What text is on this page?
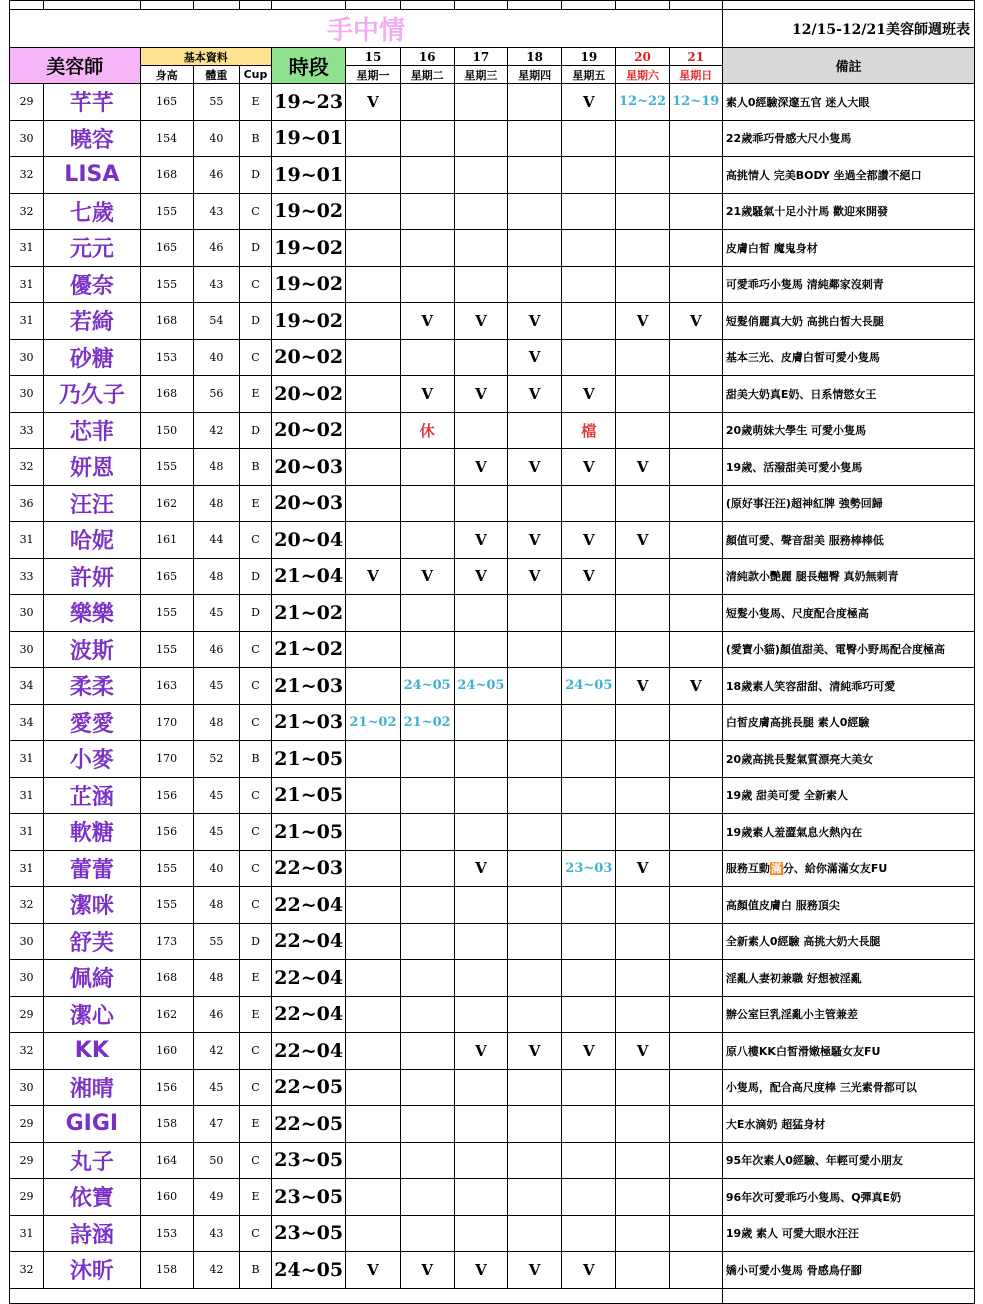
手中情													12/15-12/21美容師週班表
美容師		基本資料			時段	15	16	17	18	19	20	21	備註
		身高	體重	Cup		星期一	星期二	星期三	星期四	星期五	星期六	星期日	
29	芊芊	165	55	E	19~23	V				V	12~22	12~19	素人0經驗深邃五官 迷人大眼
30	曉容	154	40	B	19~01								22歲乖巧骨感大尺小隻馬
32	LISA	168	46	D	19~01								高挑情人 完美BODY 坐過全都讚不絕口
32	七歲	155	43	C	19~02								21歲騷氣十足小汁馬 歡迎來開發
31	元元	165	46	D	19~02								皮膚白皙 魔鬼身材
31	優奈	155	43	C	19~02								可愛乖巧小隻馬 清純鄰家沒刺青
31	若綺	168	54	D	19~02		V	V	V		V	V	短髮俏麗真大奶 高挑白皙大長腿
30	砂糖	153	40	C	20~02				V				基本三光、皮膚白皙可愛小隻馬
30	乃久子	168	56	E	20~02		V	V	V	V			甜美大奶真E奶、日系情慾女王
33	芯菲	150	42	D	20~02		休			檔			20歲萌妹大學生 可愛小隻馬
32	妍恩	155	48	B	20~03			V	V	V	V		19歲、活潑甜美可愛小隻馬
36	汪汪	162	48	E	20~03								(原好事汪汪)超神紅牌 強勢回歸
31	哈妮	161	44	C	20~04			V	V	V	V		顏值可愛、聲音甜美 服務棒棒低
33	許妍	165	48	D	21~04	V	V	V	V	V			清純款小艷麗 腿長翹臀 真奶無刺青
30	樂樂	155	45	D	21~02								短髮小隻馬、尺度配合度極高
30	波斯	155	46	C	21~02								(愛寶小貓)顏值甜美、電臀小野馬配合度極高
34	柔柔	163	45	C	21~03		24~05	24~05		24~05	V	V	18歲素人笑容甜甜、清純乖巧可愛
34	愛愛	170	48	C	21~03	21~02	21~02						白皙皮膚高挑長腿 素人0經驗
31	小麥	170	52	B	21~05								20歲高挑長髮氣質漂亮大美女
31	芷涵	156	45	C	21~05								19歲 甜美可愛 全新素人
31	軟糖	156	45	C	21~05								19歲素人羞澀氣息火熱內在
31	蕾蕾	155	40	C	22~03			V		23~03	V		服務互動滿分、給你滿滿女友FU
32	潔咪	155	48	C	22~04								高顏值皮膚白 服務頂尖
30	舒芙	173	55	D	22~04								全新素人0經驗 高挑大奶大長腿
30	佩綺	168	48	E	22~04								淫亂人妻初兼職 好想被淫亂
29	潔心	162	46	E	22~04								辦公室巨乳淫亂小主管兼差
32	KK	160	42	C	22~04			V	V	V	V		原八樓KK白皙滑嫩極騷女友FU
30	湘晴	156	45	C	22~05								小隻馬，配合高尺度棒 三光素骨都可以
29	GIGI	158	47	E	22~05								大E水滴奶 超猛身材
29	丸子	164	50	C	23~05								95年次素人0經驗、年輕可愛小朋友
29	依寶	160	49	E	23~05								96年次可愛乖巧小隻馬、Q彈真E奶
31	詩涵	153	43	C	23~05								19歲 素人 可愛大眼水汪汪
32	沐昕	158	42	B	24~05	V	V	V	V	V			嬌小可愛小隻馬 骨感鳥仔腳
